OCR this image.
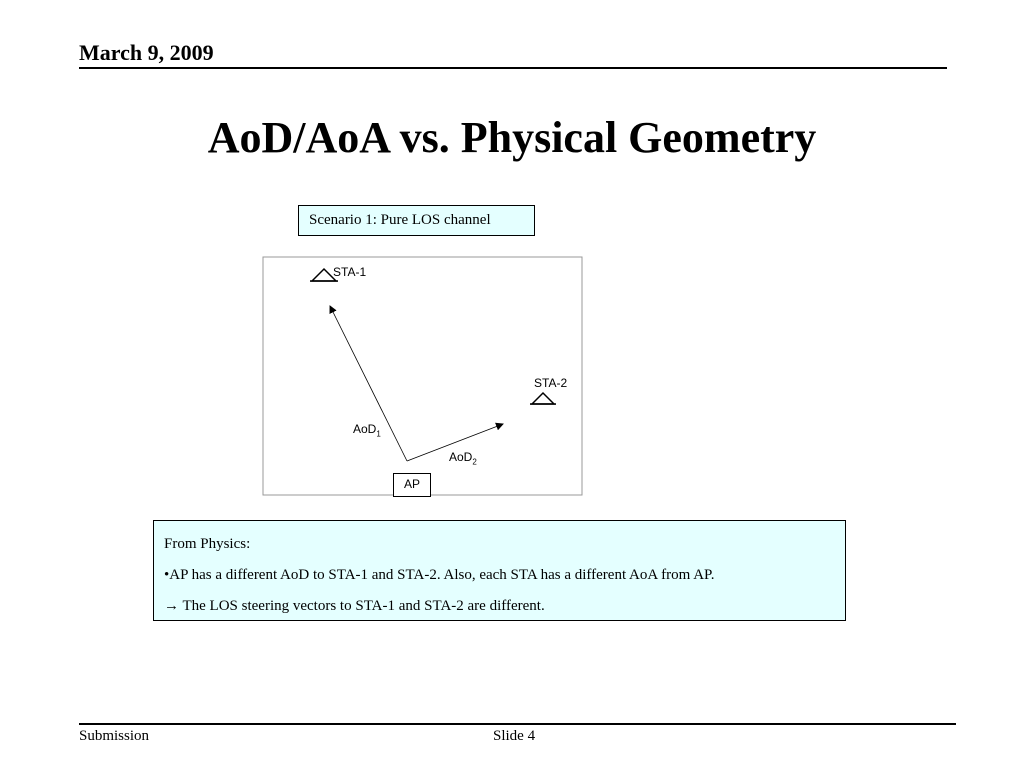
March 9, 2009
AoD/AoA vs. Physical Geometry
Scenario 1: Pure LOS channel
STA-1
STA-2
AoD$_1$
AoD$_2$
AP

From Physics:

•AP has a different AoD to STA-1 and STA-2. Also, each STA has a different AoA from AP.

→ The LOS steering vectors to STA-1 and STA-2 are different.

Submission	Slide 4
